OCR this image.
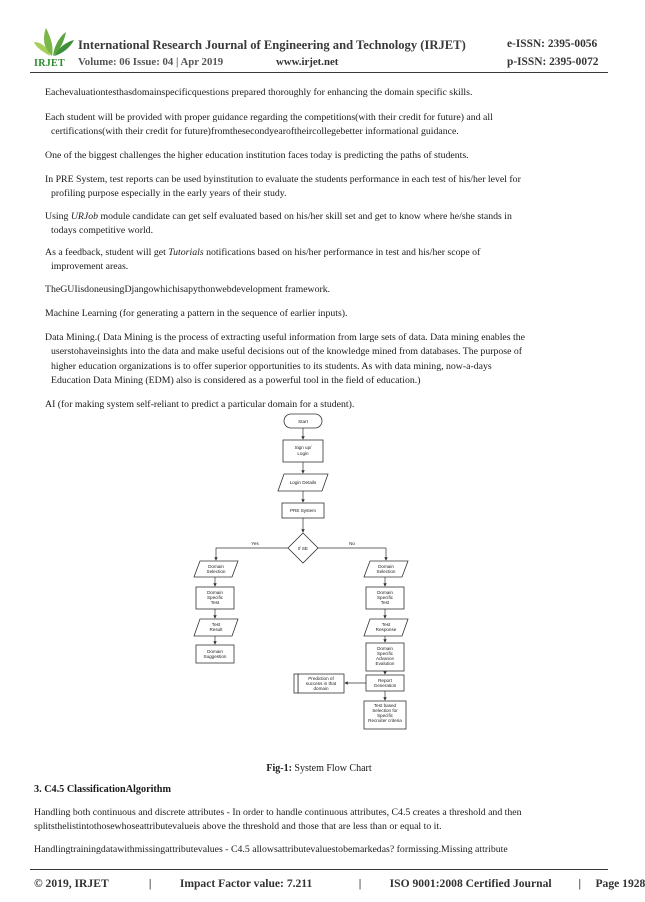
IRJET
International Research Journal of Engineering and Technology (IRJET)	e-ISSN: 2395-0056
Volume: 06 Issue: 04 | Apr 2019	www.irjet.net	p-ISSN: 2395-0072
Eachevaluationtesthasdomainspecificquestions prepared thoroughly for enhancing the domain specific skills.
Each student will be provided with proper guidance regarding the competitions(with their credit for future) and all
certifications(with their credit for future)fromthesecondyearoftheircollegebetter informational guidance.
One of the biggest challenges the higher education institution faces today is predicting the paths of students.
In PRE System, test reports can be used byinstitution to evaluate the students performance in each test of his/her level for
profiling purpose especially in the early years of their study.
Using URJob module candidate can get self evaluated based on his/her skill set and get to know where he/she stands in
todays competitive world.
As a feedback, student will get Tutorials notifications based on his/her performance in test and his/her scope of
improvement areas.
TheGUIisdoneusingDjangowhichisapythonwebdevelopment framework.
Machine Learning (for generating a pattern in the sequence of earlier inputs).
Data Mining.( Data Mining is the process of extracting useful information from large sets of data. Data mining enables the
userstohaveinsights into the data and make useful decisions out of the knowledge mined from databases. The purpose of
higher education organizations is to offer superior opportunities to its students. As with data mining, now-a-days
Education Data Mining (EDM) also is considered as a powerful tool in the field of education.)
AI (for making system self-reliant to predict a particular domain for a student).
Start
Sign up/
Login
Login Details
PRE System
If SE
Yes	No
Domain
Selection
Domain
Specific
Test
Test
Result
Domain
Suggestion
Domain
Selection
Domain
Specific
Test
Test
Response
Domain
Specific
Advance
Evalution
Report
Generation
Test based
Selection for
Specific
Recruiter criteria
Prediction of
success in that
domain
Fig-1: System Flow Chart
3. C4.5 ClassificationAlgorithm
Handling both continuous and discrete attributes - In order to handle continuous attributes, C4.5 creates a threshold and then
splitsthelistintothosewhoseattributevalueis above the threshold and those that are less than or equal to it.
Handlingtrainingdatawithmissingattributevalues - C4.5 allowsattributevaluestobemarkedas? formissing.Missing attribute
© 2019, IRJET	| Impact Factor value: 7.211	| ISO 9001:2008 Certified Journal | Page 1928
